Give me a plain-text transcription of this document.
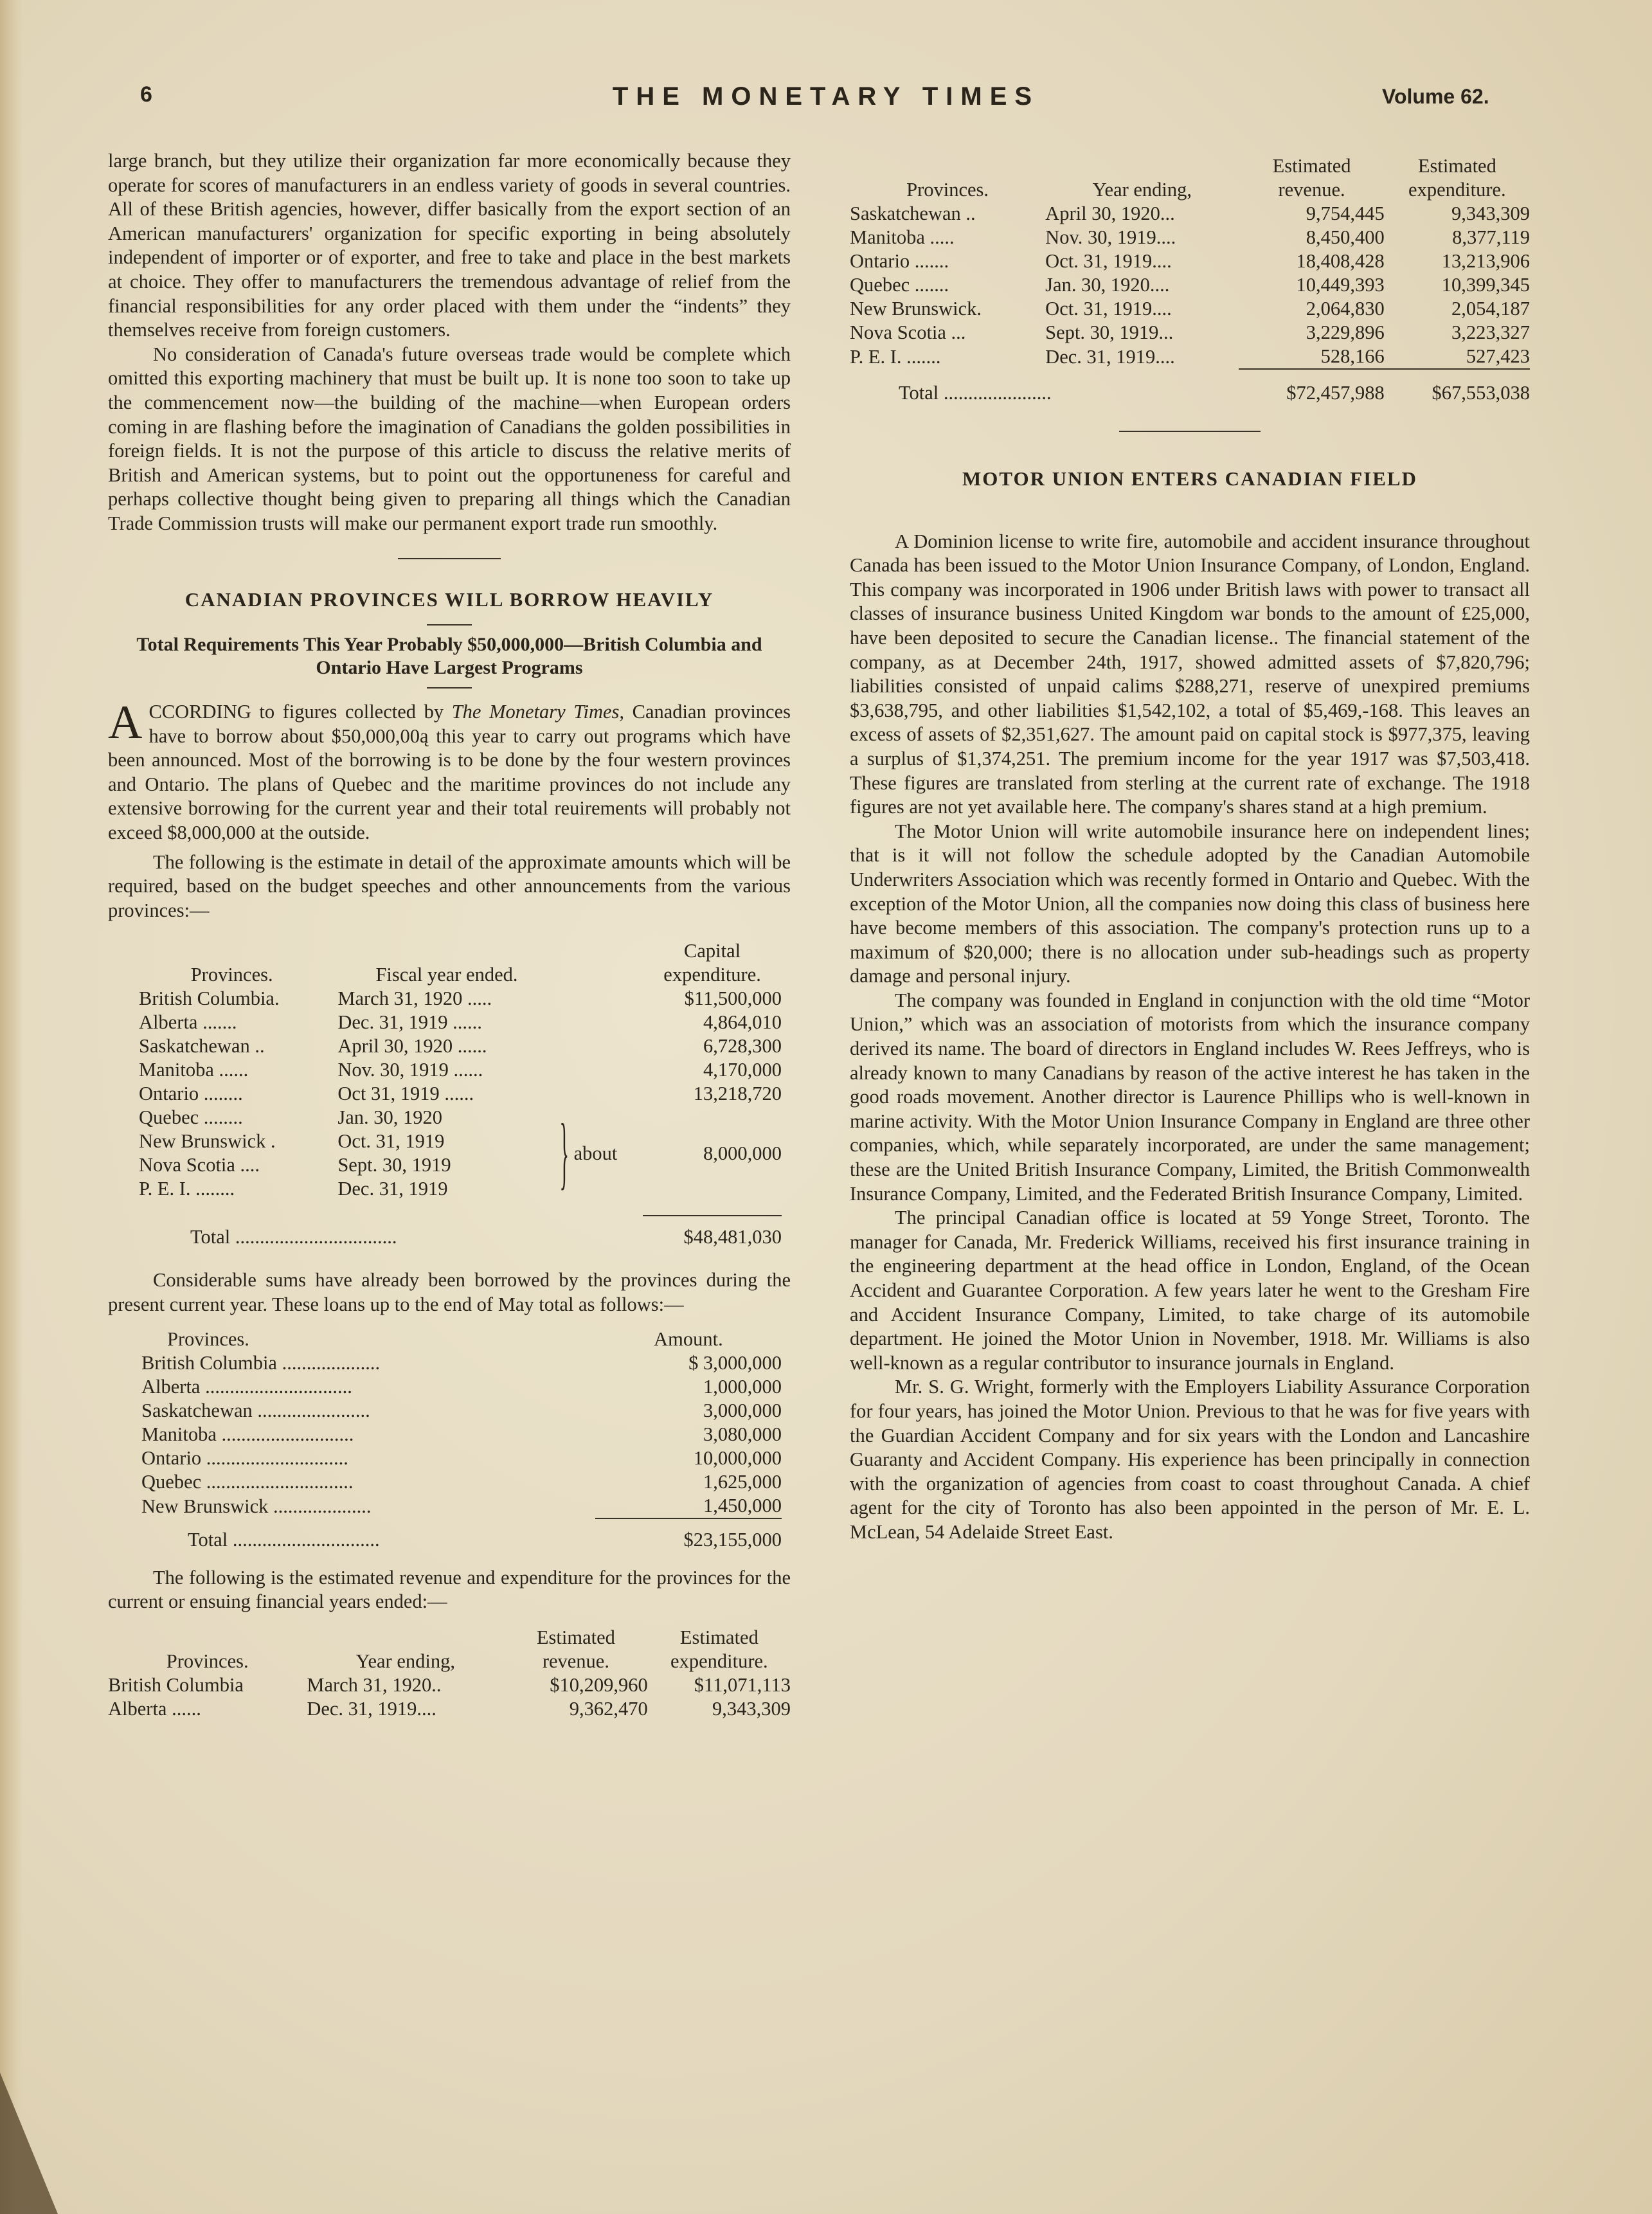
6	THE MONETARY TIMES	Volume 62.

large branch, but they utilize their organization far more economically because they operate for scores of manufacturers in an endless variety of goods in several countries. All of these British agencies, however, differ basically from the export section of an American manufacturers' organization for specific exporting in being absolutely independent of importer or of exporter, and free to take and place in the best markets at choice. They offer to manufacturers the tremendous advantage of relief from the financial responsibilities for any order placed with them under the “indents” they themselves receive from foreign customers.

No consideration of Canada's future overseas trade would be complete which omitted this exporting machinery that must be built up. It is none too soon to take up the commencement now—the building of the machine—when European orders coming in are flashing before the imagination of Canadians the golden possibilities in foreign fields. It is not the purpose of this article to discuss the relative merits of British and American systems, but to point out the opportuneness for careful and perhaps collective thought being given to preparing all things which the Canadian Trade Commission trusts will make our permanent export trade run smoothly.

CANADIAN PROVINCES WILL BORROW HEAVILY
Total Requirements This Year Probably $50,000,000—British Columbia and Ontario Have Largest Programs

ACCORDING to figures collected by The Monetary Times, Canadian provinces have to borrow about $50,000,00ą this year to carry out programs which have been announced. Most of the borrowing is to be done by the four western provinces and Ontario. The plans of Quebec and the maritime provinces do not include any extensive borrowing for the current year and their total reuirements will probably not exceed $8,000,000 at the outside.

The following is the estimate in detail of the approximate amounts which will be required, based on the budget speeches and other announcements from the various provinces:—

			Capital
Provinces.	Fiscal year ended.		expenditure.
British Columbia.	March 31, 1920 .....		$11,500,000
Alberta .......	Dec. 31, 1919 ......		4,864,010
Saskatchewan ..	April 30, 1920 ......		6,728,300
Manitoba ......	Nov. 30, 1919 ......		4,170,000
Ontario ........	Oct 31, 1919 ......		13,218,720
Quebec ........	Jan. 30, 1920	} about	8,000,000
New Brunswick .	Oct. 31, 1919		
Nova Scotia ....	Sept. 30, 1919		
P. E. I. ........	Dec. 31, 1919		

Total .................................			$48,481,030

Considerable sums have already been borrowed by the provinces during the present current year. These loans up to the end of May total as follows:—

Provinces.	Amount.
British Columbia ....................	$ 3,000,000
Alberta ..............................	1,000,000
Saskatchewan .......................	3,000,000
Manitoba ...........................	3,080,000
Ontario .............................	10,000,000
Quebec ..............................	1,625,000
New Brunswick ....................	1,450,000
Total ..............................	$23,155,000

The following is the estimated revenue and expenditure for the provinces for the current or ensuing financial years ended:—

		Estimated	Estimated
Provinces.	Year ending,	revenue.	expenditure.
British Columbia	March 31, 1920..	$10,209,960	$11,071,113
Alberta ......	Dec. 31, 1919....	9,362,470	9,343,309
		Estimated	Estimated
Provinces.	Year ending,	revenue.	expenditure.
Saskatchewan ..	April 30, 1920...	9,754,445	9,343,309
Manitoba .....	Nov. 30, 1919....	8,450,400	8,377,119
Ontario .......	Oct. 31, 1919....	18,408,428	13,213,906
Quebec .......	Jan. 30, 1920....	10,449,393	10,399,345
New Brunswick.	Oct. 31, 1919....	2,064,830	2,054,187
Nova Scotia ...	Sept. 30, 1919...	3,229,896	3,223,327
P. E. I. .......	Dec. 31, 1919....	528,166	527,423
Total ......................		$72,457,988	$67,553,038
MOTOR UNION ENTERS CANADIAN FIELD

A Dominion license to write fire, automobile and accident insurance throughout Canada has been issued to the Motor Union Insurance Company, of London, England. This company was incorporated in 1906 under British laws with power to transact all classes of insurance business United Kingdom war bonds to the amount of £25,000, have been deposited to secure the Canadian license.. The financial statement of the company, as at December 24th, 1917, showed admitted assets of $7,820,796; liabilities consisted of unpaid calims $288,271, reserve of unexpired premiums $3,638,795, and other liabilities $1,542,102, a total of $5,469,-168. This leaves an excess of assets of $2,351,627. The amount paid on capital stock is $977,375, leaving a surplus of $1,374,251. The premium income for the year 1917 was $7,503,418. These figures are translated from sterling at the current rate of exchange. The 1918 figures are not yet available here. The company's shares stand at a high premium.

The Motor Union will write automobile insurance here on independent lines; that is it will not follow the schedule adopted by the Canadian Automobile Underwriters Association which was recently formed in Ontario and Quebec. With the exception of the Motor Union, all the companies now doing this class of business here have become members of this association. The company's protection runs up to a maximum of $20,000; there is no allocation under sub-headings such as property damage and personal injury.

The company was founded in England in conjunction with the old time “Motor Union,” which was an association of motorists from which the insurance company derived its name. The board of directors in England includes W. Rees Jeffreys, who is already known to many Canadians by reason of the active interest he has taken in the good roads movement. Another director is Laurence Phillips who is well-known in marine activity. With the Motor Union Insurance Company in England are three other companies, which, while separately incorporated, are under the same management; these are the United British Insurance Company, Limited, the British Commonwealth Insurance Company, Limited, and the Federated British Insurance Company, Limited.

The principal Canadian office is located at 59 Yonge Street, Toronto. The manager for Canada, Mr. Frederick Williams, received his first insurance training in the engineering department at the head office in London, England, of the Ocean Accident and Guarantee Corporation. A few years later he went to the Gresham Fire and Accident Insurance Company, Limited, to take charge of its automobile department. He joined the Motor Union in November, 1918. Mr. Williams is also well-known as a regular contributor to insurance journals in England.

Mr. S. G. Wright, formerly with the Employers Liability Assurance Corporation for four years, has joined the Motor Union. Previous to that he was for five years with the Guardian Accident Company and for six years with the London and Lancashire Guaranty and Accident Company. His experience has been principally in connection with the organization of agencies from coast to coast throughout Canada. A chief agent for the city of Toronto has also been appointed in the person of Mr. E. L. McLean, 54 Adelaide Street East.
